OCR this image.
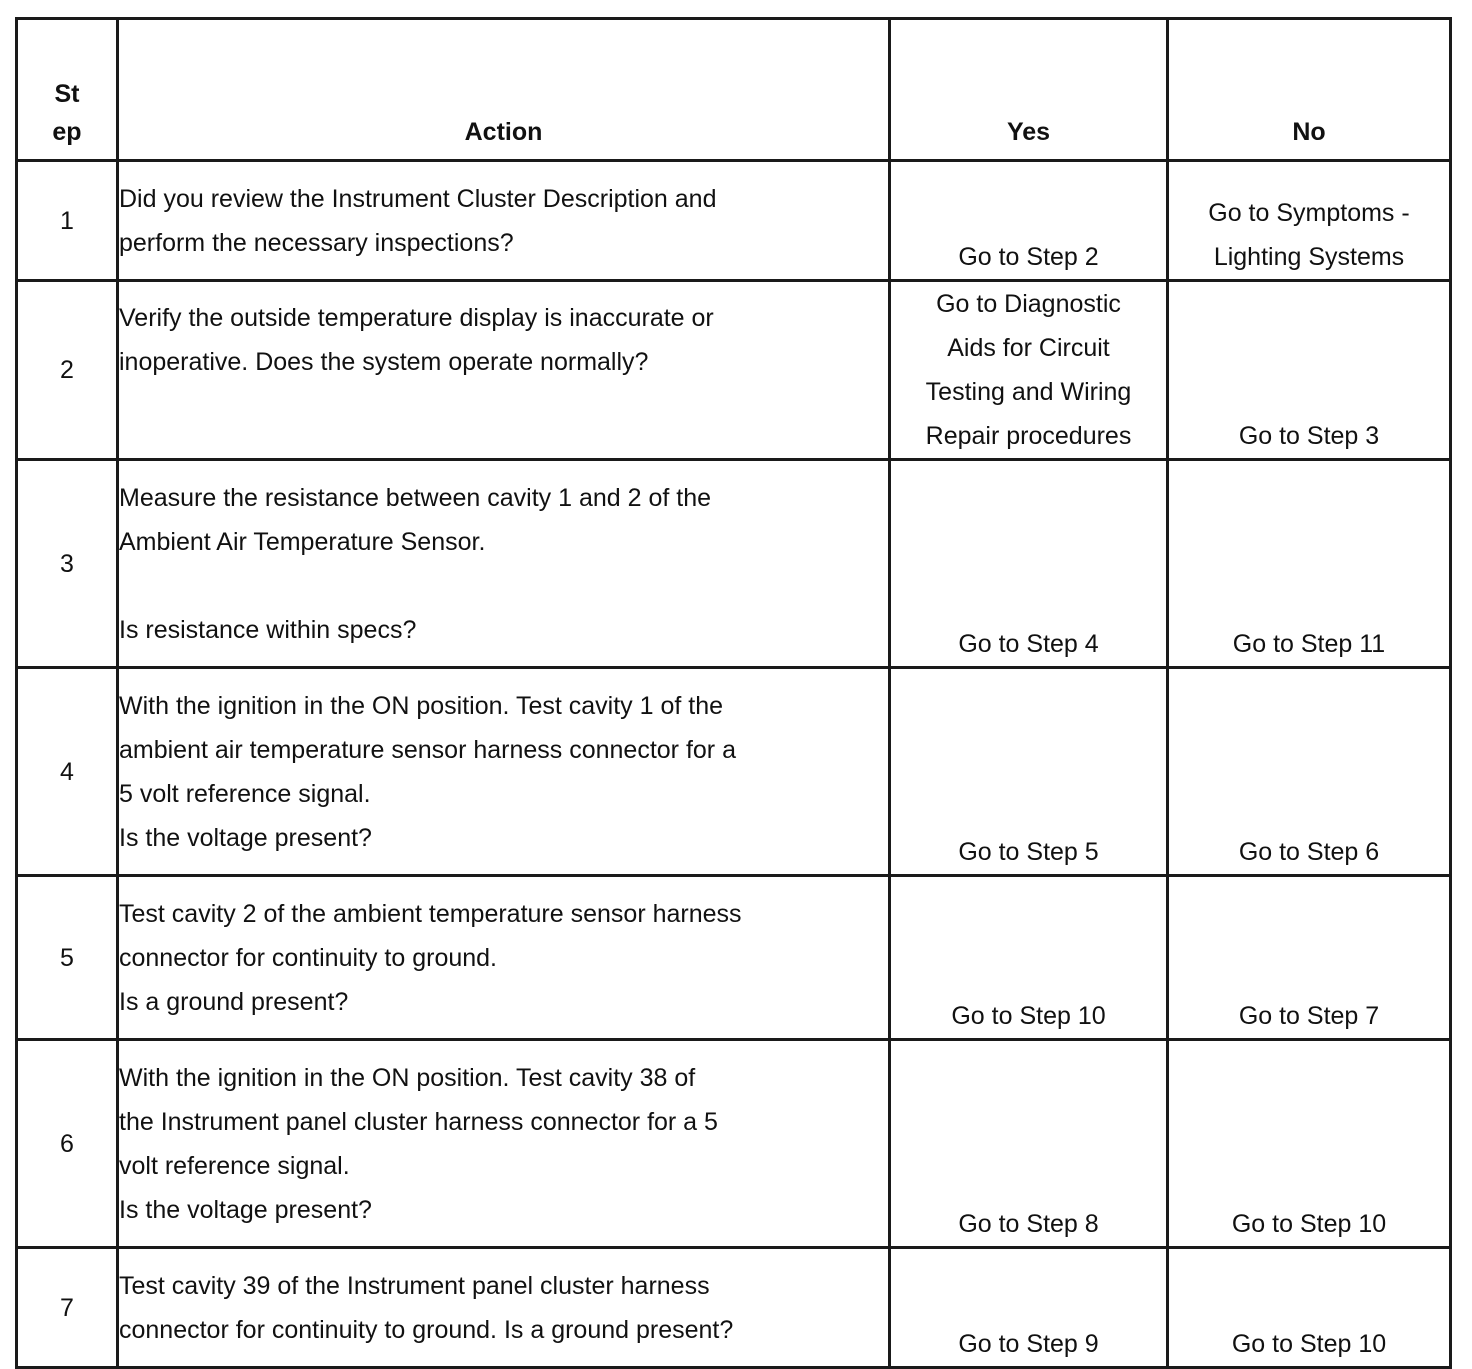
St
ep	Action	Yes	No
1	Did you review the Instrument Cluster Description and
perform the necessary inspections?	Go to Step 2	Go to Symptoms -
Lighting Systems

2	Verify the outside temperature display is inaccurate or
inoperative. Does the system operate normally?	Go to Diagnostic
Aids for Circuit
Testing and Wiring
Repair procedures	Go to Step 3

3	Measure the resistance between cavity 1 and 2 of the
Ambient Air Temperature Sensor.
Is resistance within specs?	Go to Step 4	Go to Step 11

4	With the ignition in the ON position. Test cavity 1 of the
ambient air temperature sensor harness connector for a
5 volt reference signal.
Is the voltage present?	Go to Step 5	Go to Step 6

5	Test cavity 2 of the ambient temperature sensor harness
connector for continuity to ground.
Is a ground present?	Go to Step 10	Go to Step 7

6	With the ignition in the ON position. Test cavity 38 of
the Instrument panel cluster harness connector for a 5
volt reference signal.
Is the voltage present?	Go to Step 8	Go to Step 10

7	Test cavity 39 of the Instrument panel cluster harness
connector for continuity to ground. Is a ground present?	Go to Step 9	Go to Step 10
